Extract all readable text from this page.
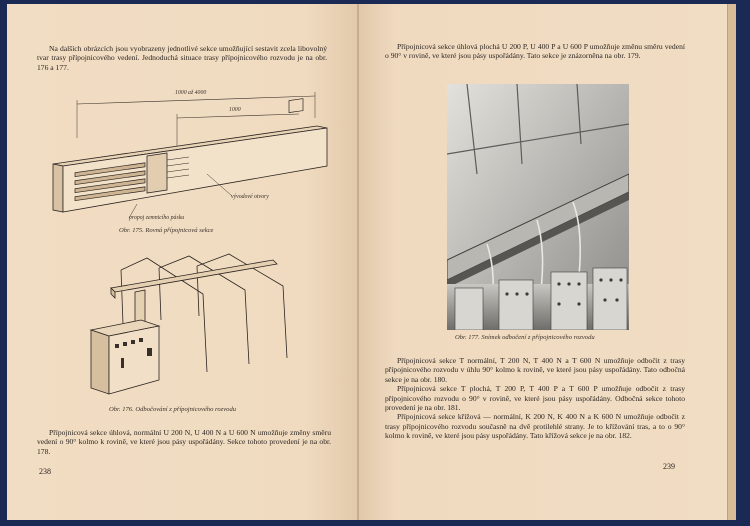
Na dalších obrázcích jsou vyobrazeny jednotlivé sekce umožňující sestavit zcela libovolný tvar trasy přípojnicového vedení. Jednoduchá situace trasy přípojnicového rozvodu je na obr. 176 a 177.

1000 až 4000
1000
vývodové otvory
propoj zemnicího pásku
Obr. 175. Rovná přípojnicová sekce
Obr. 176. Odbočování z přípojnicového rozvodu

Přípojnicová sekce úhlová, normální U 200 N, U 400 N a U 600 N umožňuje změny směru vedení o 90° kolmo k rovině, ve které jsou pásy uspořádány. Sekce tohoto provedení je na obr. 178.

238

Přípojnicová sekce úhlová plochá U 200 P, U 400 P a U 600 P umožňuje změnu směru vedení o 90° v rovině, ve které jsou pásy uspořádány. Tato sekce je znázorněna na obr. 179.

Obr. 177. Snímek odbočení z přípojnicového rozvodu

Přípojnicová sekce T normální, T 200 N, T 400 N a T 600 N umožňuje odbočit z trasy přípojnicového rozvodu v úhlu 90° kolmo k rovině, ve které jsou pásy uspořádány. Tato odbočná sekce je na obr. 180.

Přípojnicová sekce T plochá, T 200 P, T 400 P a T 600 P umožňuje odbočit z trasy přípojnicového rozvodu o 90° v rovině, ve které jsou pásy uspořádány. Odbočná sekce tohoto provedení je na obr. 181.

Přípojnicová sekce křížová — normální, K 200 N, K 400 N a K 600 N umožňuje odbočit z trasy přípojnicového rozvodu současně na dvě protilehlé strany. Je to křížování tras, a to o 90° kolmo k rovině, ve které jsou pásy uspořádány. Tato křížová sekce je na obr. 182.

239
